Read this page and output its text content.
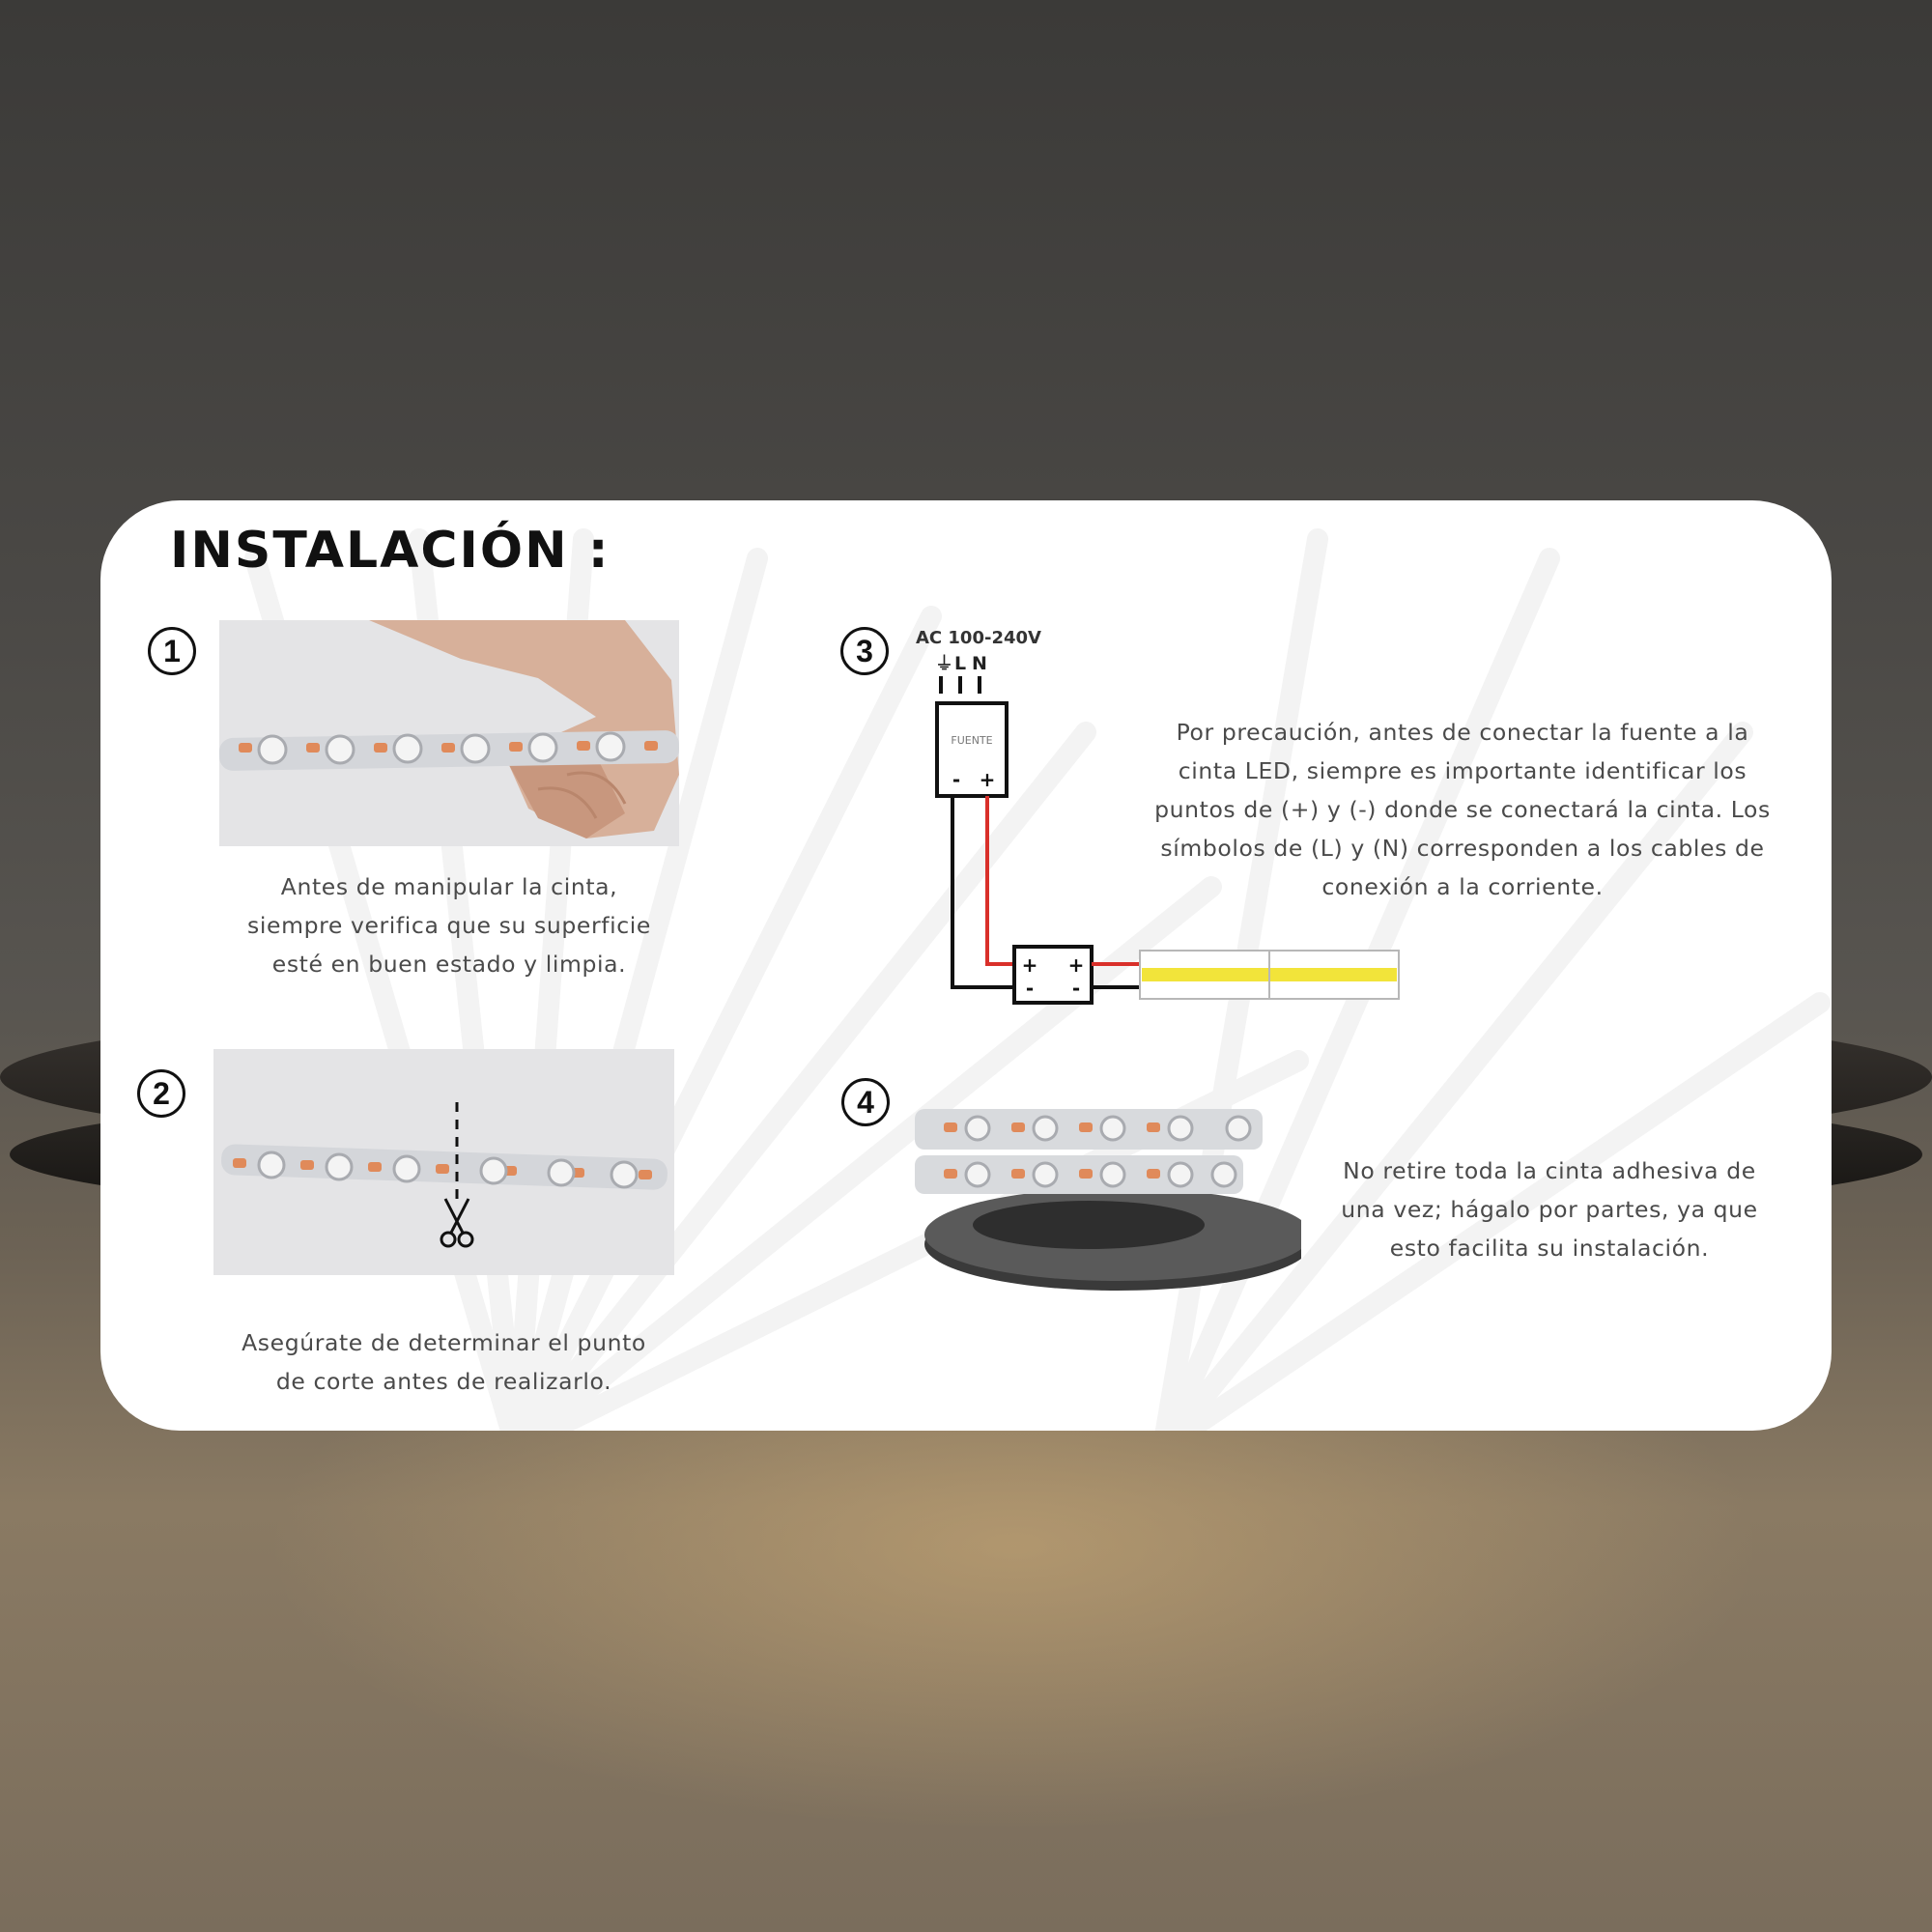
INSTALACIÓN :
1

Antes de manipular la cinta,
siempre verifica que su superficie
esté en buen estado y limpia.

2

Asegúrate de determinar el punto
de corte antes de realizarlo.

3	AC 100-240V
⏚ L N
FUENTE
- +
+ +
- -

Por precaución, antes de conectar la fuente a la
cinta LED, siempre es importante identificar los
puntos de (+) y (-) donde se conectará la cinta. Los
símbolos de (L) y (N) corresponden a los cables de
conexión a la corriente.

4

No retire toda la cinta adhesiva de
una vez; hágalo por partes, ya que
esto facilita su instalación.
